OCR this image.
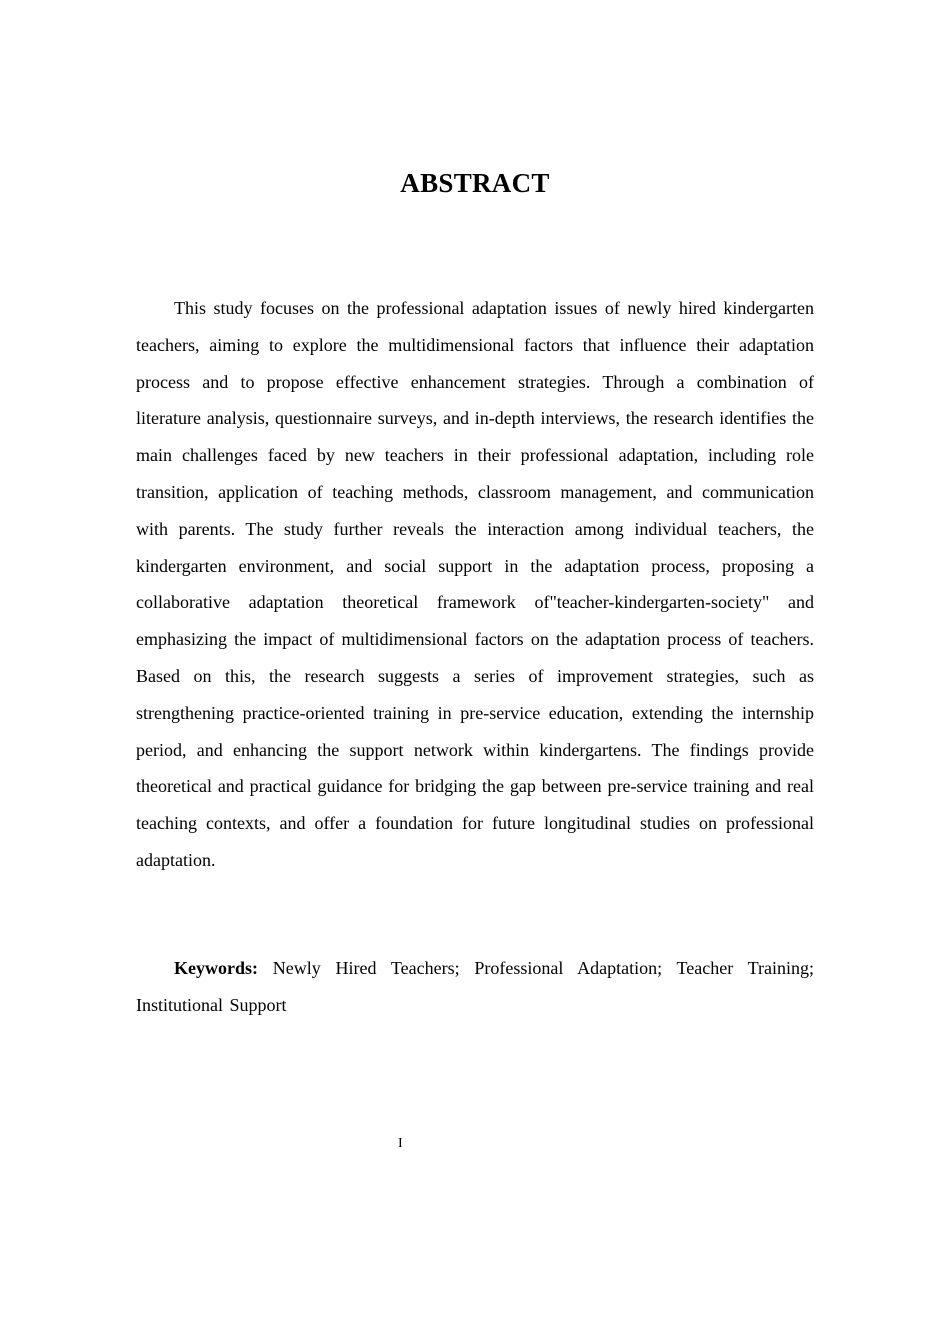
ABSTRACT

This study focuses on the professional adaptation issues of newly hired kindergarten teachers, aiming to explore the multidimensional factors that influence their adaptation process and to propose effective enhancement strategies. Through a combination of literature analysis, questionnaire surveys, and in-depth interviews, the research identifies the main challenges faced by new teachers in their professional adaptation, including role transition, application of teaching methods, classroom management, and communication with parents. The study further reveals the interaction among individual teachers, the kindergarten environment, and social support in the adaptation process, proposing a collaborative adaptation theoretical framework of"teacher-kindergarten-society" and emphasizing the impact of multidimensional factors on the adaptation process of teachers. Based on this, the research suggests a series of improvement strategies, such as strengthening practice-oriented training in pre-service education, extending the internship period, and enhancing the support network within kindergartens. The findings provide theoretical and practical guidance for bridging the gap between pre-service training and real teaching contexts, and offer a foundation for future longitudinal studies on professional adaptation.

Keywords: Newly Hired Teachers; Professional Adaptation; Teacher Training; Institutional Support

I
